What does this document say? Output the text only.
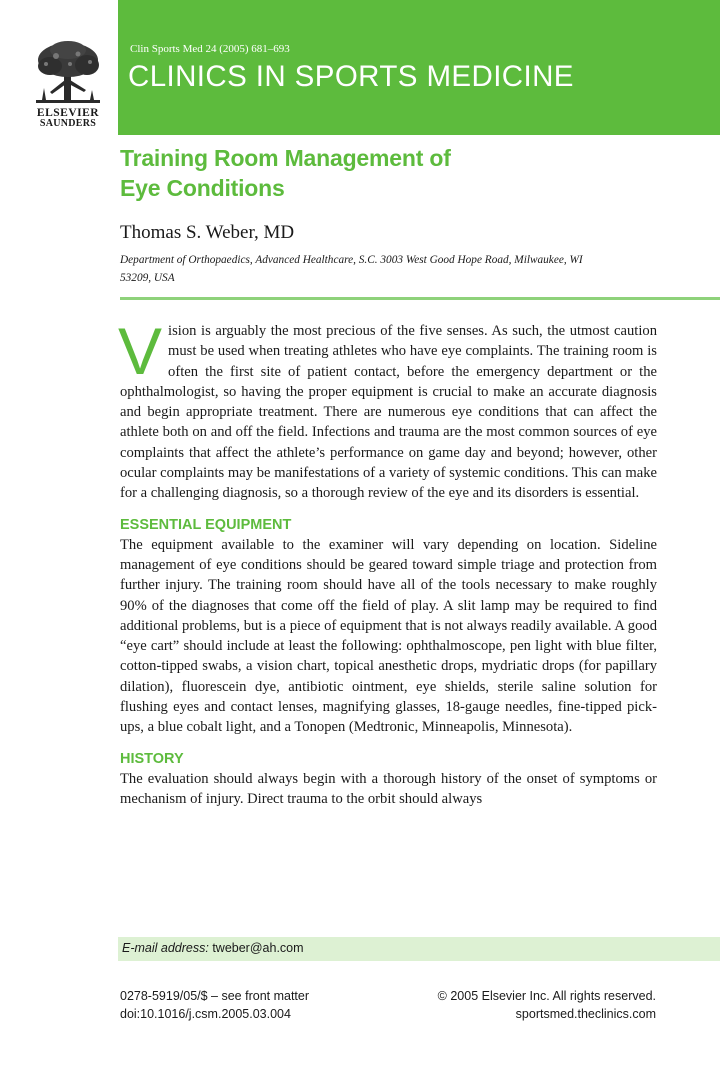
ELSEVIER
SAUNDERS
Clin Sports Med 24 (2005) 681–693
CLINICS IN SPORTS MEDICINE
Training Room Management of
Eye Conditions
Thomas S. Weber, MD
Department of Orthopaedics, Advanced Healthcare, S.C. 3003 West Good Hope Road, Milwaukee, WI 53209, USA

Vision is arguably the most precious of the five senses. As such, the utmost caution must be used when treating athletes who have eye complaints. The training room is often the first site of patient contact, before the emergency department or the ophthalmologist, so having the proper equipment is crucial to make an accurate diagnosis and begin appropriate treatment. There are numerous eye conditions that can affect the athlete both on and off the field. Infections and trauma are the most common sources of eye complaints that affect the athlete’s performance on game day and beyond; however, other ocular complaints may be manifestations of a variety of systemic conditions. This can make for a challenging diagnosis, so a thorough review of the eye and its disorders is essential.

ESSENTIAL EQUIPMENT

The equipment available to the examiner will vary depending on location. Sideline management of eye conditions should be geared toward simple triage and protection from further injury. The training room should have all of the tools necessary to make roughly 90% of the diagnoses that come off the field of play. A slit lamp may be required to find additional problems, but is a piece of equipment that is not always readily available. A good “eye cart” should include at least the following: ophthalmoscope, pen light with blue filter, cotton-tipped swabs, a vision chart, topical anesthetic drops, mydriatic drops (for papillary dilation), fluorescein dye, antibiotic ointment, eye shields, sterile saline solution for flushing eyes and contact lenses, magnifying glasses, 18-gauge needles, fine-tipped pick-ups, a blue cobalt light, and a Tonopen (Medtronic, Minneapolis, Minnesota).

HISTORY

The evaluation should always begin with a thorough history of the onset of symptoms or mechanism of injury. Direct trauma to the orbit should always

E-mail address: tweber@ah.com
0278-5919/05/$ – see front matter
doi:10.1016/j.csm.2005.03.004
© 2005 Elsevier Inc. All rights reserved.
sportsmed.theclinics.com
